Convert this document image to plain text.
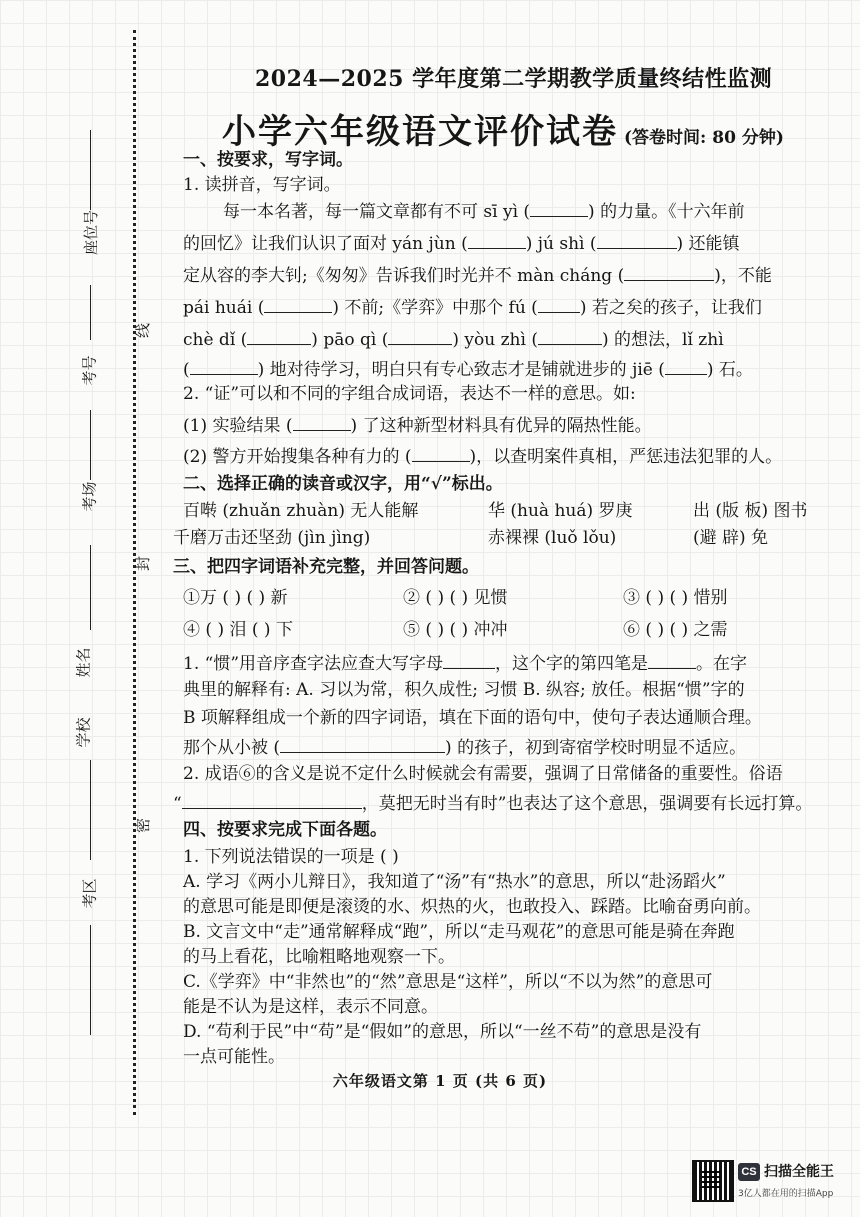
座位号
考号
考场
姓名
学校
考区
线
封
密
2024—2025 学年度第二学期教学质量终结性监测
小学六年级语文评价试卷 (答卷时间: 80 分钟)
一、按要求，写字词。
1. 读拼音，写字词。
每一本名著，每一篇文章都有不可 sī yì (	) 的力量。《十六年前
的回忆》让我们认识了面对 yán jùn (	) jú shì (	) 还能镇
定从容的李大钊;《匆匆》告诉我们时光并不 màn cháng (	)，不能
pái huái (	) 不前;《学弈》中那个 fú ( ) 若之矣的孩子，让我们
chè dǐ (	) pāo qì (	) yòu zhì (	) 的想法，lǐ zhì
(	) 地对待学习，明白只有专心致志才是铺就进步的 jiē ( ) 石。
2. “证”可以和不同的字组合成词语，表达不一样的意思。如:
(1) 实验结果 (	) 了这种新型材料具有优异的隔热性能。
(2) 警方开始搜集各种有力的 (	)，以查明案件真相，严惩违法犯罪的人。
二、选择正确的读音或汉字，用“√”标出。
百啭 (zhuǎn zhuàn) 无人能解	华 (huà huá) 罗庚	出 (版 板) 图书
千磨万击还坚劲 (jìn jìng)	赤裸裸 (luǒ lǒu)	(避 辟) 免
三、把四字词语补充完整，并回答问题。
①万 ( ) ( ) 新	② ( ) ( ) 见惯	③ ( ) ( ) 惜别
④ ( ) 泪 ( ) 下	⑤ ( ) ( ) 冲冲	⑥ ( ) ( ) 之需
1. “惯”用音序查字法应查大写字母	，这个字的第四笔是	。在字
典里的解释有: A. 习以为常，积久成性; 习惯 B. 纵容; 放任。根据“惯”字的
B 项解释组成一个新的四字词语，填在下面的语句中，使句子表达通顺合理。
那个从小被 (	) 的孩子，初到寄宿学校时明显不适应。
2. 成语⑥的含义是说不定什么时候就会有需要，强调了日常储备的重要性。俗语
“	，莫把无时当有时”也表达了这个意思，强调要有长远打算。
四、按要求完成下面各题。
1. 下列说法错误的一项是 ( )
A. 学习《两小儿辩日》，我知道了“汤”有“热水”的意思，所以“赴汤蹈火”
的意思可能是即便是滚烫的水、炽热的火，也敢投入、踩踏。比喻奋勇向前。
B. 文言文中“走”通常解释成“跑”，所以“走马观花”的意思可能是骑在奔跑
的马上看花，比喻粗略地观察一下。
C.《学弈》中“非然也”的“然”意思是“这样”，所以“不以为然”的意思可
能是不认为是这样，表示不同意。
D. “苟利于民”中“苟”是“假如”的意思，所以“一丝不苟”的意思是没有
一点可能性。
六年级语文第 1 页 (共 6 页)
CS 扫描全能王
3亿人都在用的扫描App
